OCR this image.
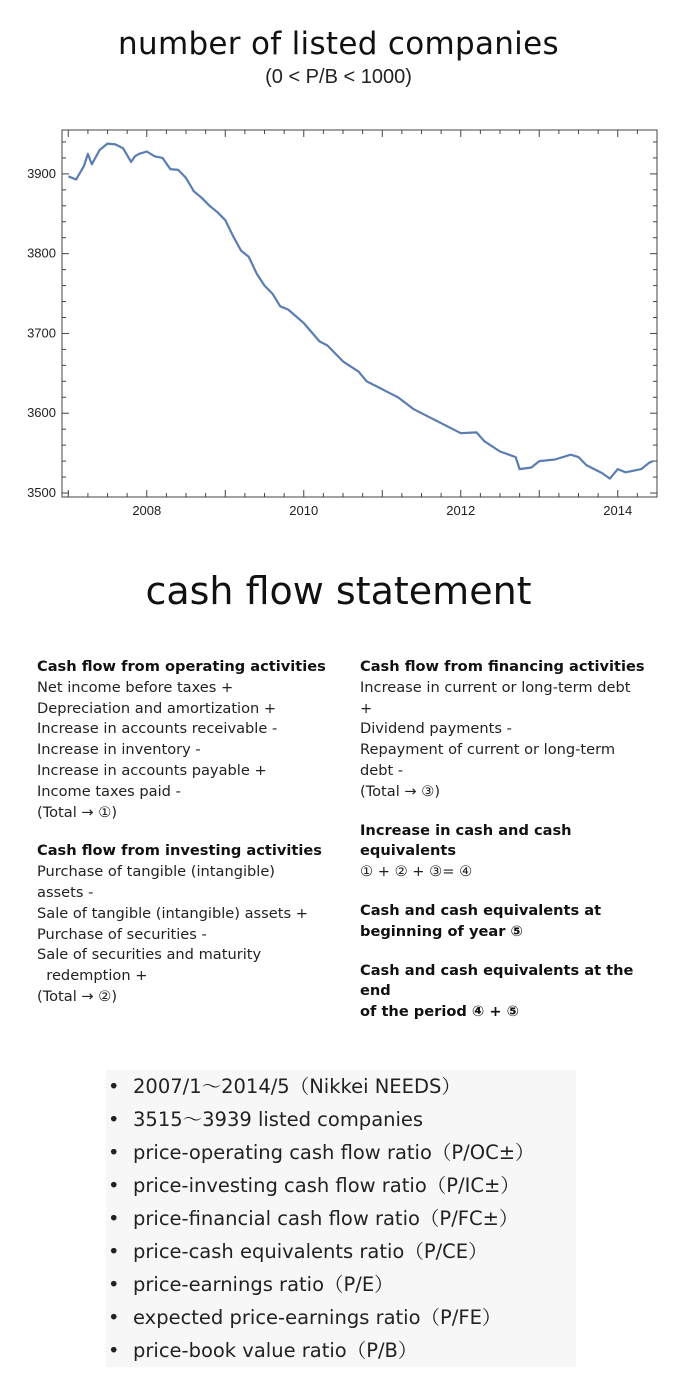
number of listed companies
(0 < P/B < 1000)
3500
3600
3700
3800
3900
2008	2010	2012	2014
cash flow statement
Cash flow from operating activities
Net income before taxes +
Depreciation and amortization +
Increase in accounts receivable -
Increase in inventory -
Increase in accounts payable +
Income taxes paid -
(Total → ①)
Cash flow from investing activities
Purchase of tangible (intangible)
assets -
Sale of tangible (intangible) assets +
Purchase of securities -
Sale of securities and maturity
redemption +
(Total → ②)
Cash flow from financing activities
Increase in current or long-term debt
+
Dividend payments -
Repayment of current or long-term
debt -
(Total → ③)
Increase in cash and cash equivalents
① + ② + ③= ④
Cash and cash equivalents at
beginning of year ⑤
Cash and cash equivalents at the end
of the period ④ + ⑤
• 2007/1～2014/5（Nikkei NEEDS）
• 3515～3939 listed companies
• price-operating cash flow ratio（P/OC±）
• price-investing cash flow ratio（P/IC±）
• price-financial cash flow ratio（P/FC±）
• price-cash equivalents ratio（P/CE）
• price-earnings ratio（P/E）
• expected price-earnings ratio（P/FE）
• price-book value ratio（P/B）
